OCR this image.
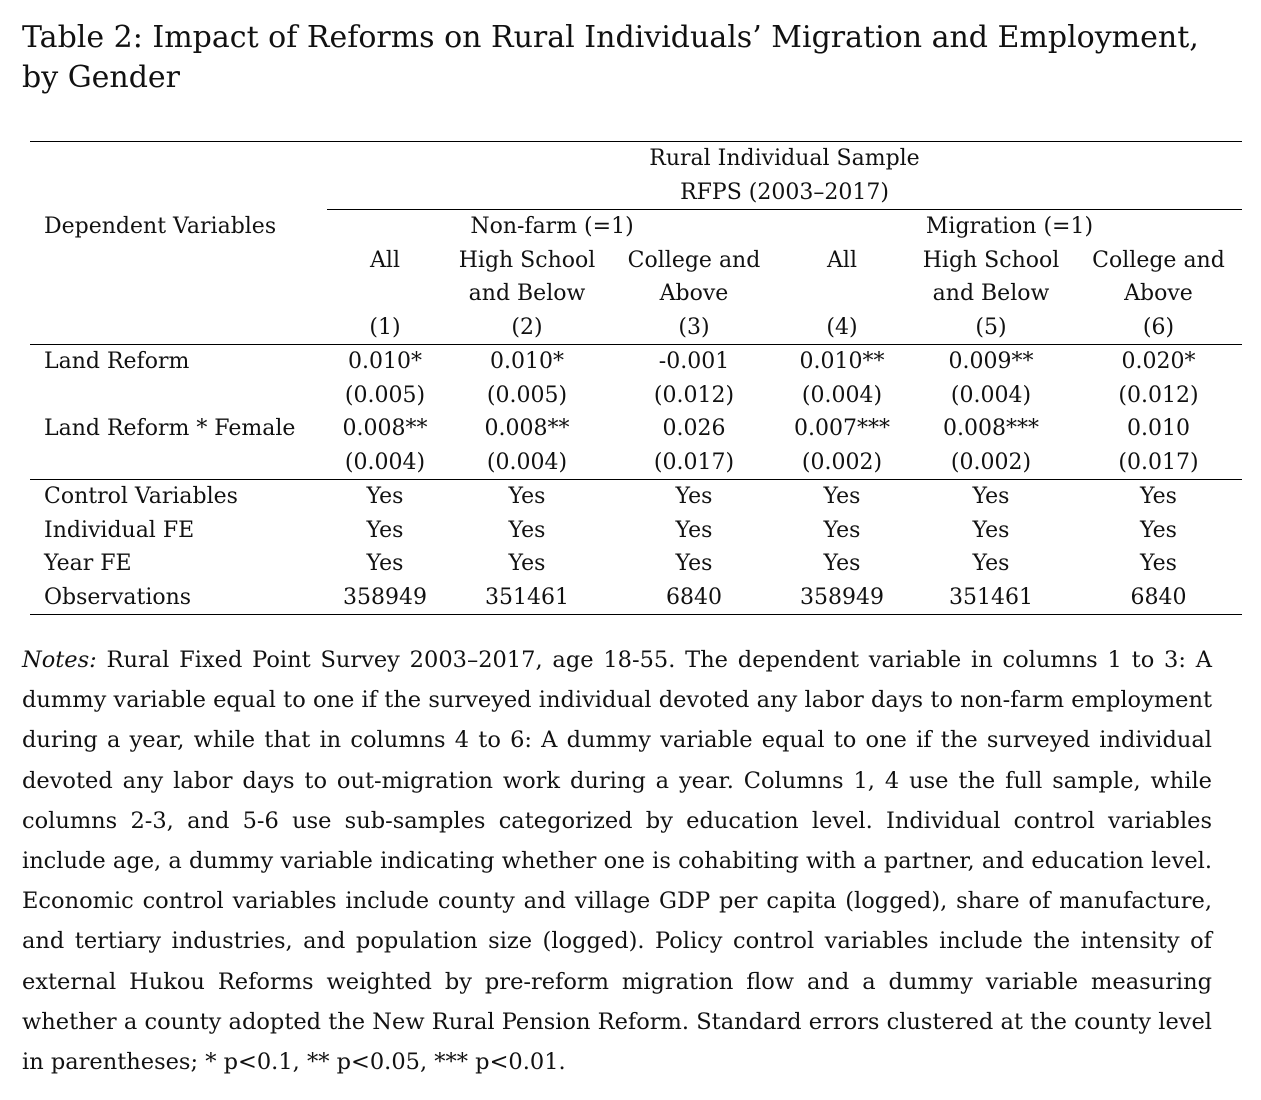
Table 2: Impact of Reforms on Rural Individuals’ Migration and Employment,
by Gender
	Rural Individual Sample					
	RFPS (2003–2017)					
Dependent Variables	Non-farm (=1)			Migration (=1)		
	All	High School	College and	All	High School	College and
		and Below	Above		and Below	Above
	(1)	(2)	(3)	(4)	(5)	(6)
Land Reform	0.010*	0.010*	-0.001	0.010**	0.009**	0.020*
	(0.005)	(0.005)	(0.012)	(0.004)	(0.004)	(0.012)
Land Reform * Female	0.008**	0.008**	0.026	0.007***	0.008***	0.010
	(0.004)	(0.004)	(0.017)	(0.002)	(0.002)	(0.017)
Control Variables	Yes	Yes	Yes	Yes	Yes	Yes
Individual FE	Yes	Yes	Yes	Yes	Yes	Yes
Year FE	Yes	Yes	Yes	Yes	Yes	Yes
Observations	358949	351461	6840	358949	351461	6840
Notes: Rural Fixed Point Survey 2003–2017, age 18-55. The dependent variable in columns 1 to 3: A dummy variable equal to one if the surveyed individual devoted any labor days to non-farm employment during a year, while that in columns 4 to 6: A dummy variable equal to one if the surveyed individual devoted any labor days to out-migration work during a year. Columns 1, 4 use the full sample, while columns 2-3, and 5-6 use sub-samples categorized by education level. Individual control variables include age, a dummy variable indicating whether one is cohabiting with a partner, and education level. Economic control variables include county and village GDP per capita (logged), share of manufacture, and tertiary industries, and population size (logged). Policy control variables include the intensity of external Hukou Reforms weighted by pre-reform migration flow and a dummy variable measuring whether a county adopted the New Rural Pension Reform. Standard errors clustered at the county level in parentheses; * p<0.1, ** p<0.05, *** p<0.01.
